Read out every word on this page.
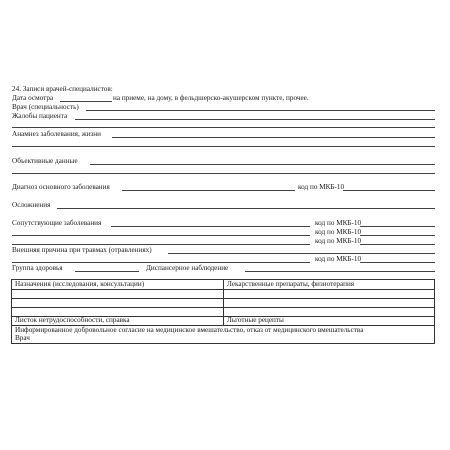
24. Записи врачей-специалистов:
Дата осмотра	на приеме, на дому, в фельдшерско-акушерском пункте, прочее.
Врач (специальность)
Жалобы пациента
Анамнез заболевания, жизни
Объективные данные
Диагноз основного заболевания	код по МКБ-10
Осложнения
Сопутствующие заболевания	код по МКБ-10
код по МКБ-10
код по МКБ-10
Внешняя причина при травмах (отравлениях)
код по МКБ-10
Группа здоровья	Диспансерное наблюдение
Назначения (исследования, консультации)	Лекарственные препараты, физиотерапия
Листок нетрудоспособности, справка	Льготные рецепты
Информированное добровольное согласие на медицинское вмешательство, отказ от медицинского вмешательства
Врач
